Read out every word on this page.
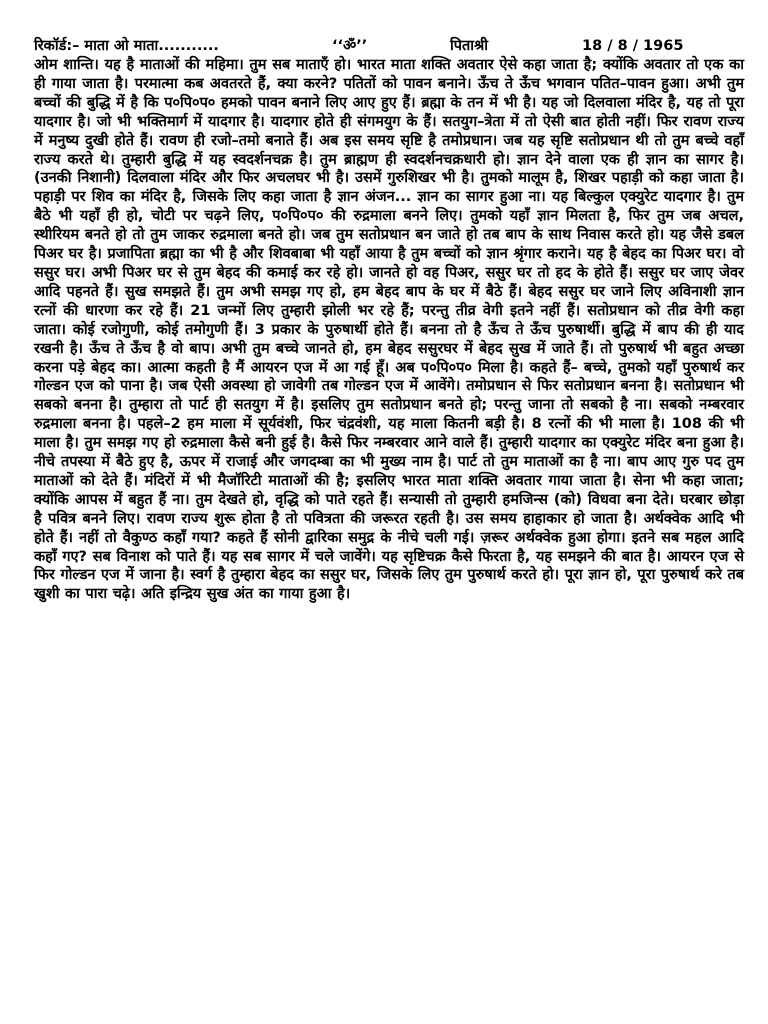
रिकॉर्ड:– माता ओ माता...........	‘‘ॐ’’	पिताश्री	18 / 8 / 1965

ओम शान्ति। यह है माताओं की महिमा। तुम सब माताएँ हो। भारत माता शक्ति अवतार ऐसे कहा जाता है; क्योंकि अवतार तो एक का ही गाया जाता है। परमात्मा कब अवतरते हैं, क्या करने? पतितों को पावन बनाने। ऊँच ते ऊँच भगवान पतित–पावन हुआ। अभी तुम बच्चों की बुद्धि में है कि प०पि०प० हमको पावन बनाने लिए आए हुए हैं। ब्रह्मा के तन में भी है। यह जो दिलवाला मंदिर है, यह तो पूरा यादगार है। जो भी भक्तिमार्ग में यादगार है। यादगार होते ही संगमयुग के हैं। सतयुग–त्रेता में तो ऐसी बात होती नहीं। फिर रावण राज्य में मनुष्य दुखी होते हैं। रावण ही रजो–तमो बनाते हैं। अब इस समय सृष्टि है तमोप्रधान। जब यह सृष्टि सतोप्रधान थी तो तुम बच्चे वहाँ राज्य करते थे। तुम्हारी बुद्धि में यह स्वदर्शनचक्र है। तुम ब्राह्मण ही स्वदर्शनचक्रधारी हो। ज्ञान देने वाला एक ही ज्ञान का सागर है। (उनकी निशानी) दिलवाला मंदिर और फिर अचलघर भी है। उसमें गुरुशिखर भी है। तुमको मालूम है, शिखर पहाड़ी को कहा जाता है। पहाड़ी पर शिव का मंदिर है, जिसके लिए कहा जाता है ज्ञान अंजन... ज्ञान का सागर हुआ ना। यह बिल्कुल एक्युरेट यादगार है। तुम बैठे भी यहाँ ही हो, चोटी पर चढ़ने लिए, प०पि०प० की रुद्रमाला बनने लिए। तुमको यहाँ ज्ञान मिलता है, फिर तुम जब अचल, स्थीरियम बनते हो तो तुम जाकर रुद्रमाला बनते हो। जब तुम सतोप्रधान बन जाते हो तब बाप के साथ निवास करते हो। यह जैसे डबल पिअर घर है। प्रजापिता ब्रह्मा का भी है और शिवबाबा भी यहाँ आया है तुम बच्चों को ज्ञान श्रृंगार कराने। यह है बेहद का पिअर घर। वो ससुर घर। अभी पिअर घर से तुम बेहद की कमाई कर रहे हो। जानते हो वह पिअर, ससुर घर तो हद के होते हैं। ससुर घर जाए जेवर आदि पहनते हैं। सुख समझते हैं। तुम अभी समझ गए हो, हम बेहद बाप के घर में बैठे हैं। बेहद ससुर घर जाने लिए अविनाशी ज्ञान रत्नों की धारणा कर रहे हैं। 21 जन्मों लिए तुम्हारी झोली भर रहे हैं; परन्तु तीव्र वेगी इतने नहीं हैं। सतोप्रधान को तीव्र वेगी कहा जाता। कोई रजोगुणी, कोई तमोगुणी हैं। 3 प्रकार के पुरुषार्थी होते हैं। बनना तो है ऊँच ते ऊँच पुरुषार्थी। बुद्धि में बाप की ही याद रखनी है। ऊँच ते ऊँच है वो बाप। अभी तुम बच्चे जानते हो, हम बेहद ससुरघर में बेहद सुख में जाते हैं। तो पुरुषार्थ भी बहुत अच्छा करना पड़े बेहद का। आत्मा कहती है मैं आयरन एज में आ गई हूँ। अब प०पि०प० मिला है। कहते हैं– बच्चे, तुमको यहाँ पुरुषार्थ कर गोल्डन एज को पाना है। जब ऐसी अवस्था हो जावेगी तब गोल्डन एज में आवेंगे। तमोप्रधान से फिर सतोप्रधान बनना है। सतोप्रधान भी सबको बनना है। तुम्हारा तो पार्ट ही सतयुग में है। इसलिए तुम सतोप्रधान बनते हो; परन्तु जाना तो सबको है ना। सबको नम्बरवार रुद्रमाला बनना है। पहले–2 हम माला में सूर्यवंशी, फिर चंद्रवंशी, यह माला कितनी बड़ी है। 8 रत्नों की भी माला है। 108 की भी माला है। तुम समझ गए हो रुद्रमाला कैसे बनी हुई है। कैसे फिर नम्बरवार आने वाले हैं। तुम्हारी यादगार का एक्युरेट मंदिर बना हुआ है। नीचे तपस्या में बैठे हुए है, ऊपर में राजाई और जगदम्बा का भी मुख्य नाम है। पार्ट तो तुम माताओं का है ना। बाप आए गुरु पद तुम माताओं को देते हैं। मंदिरों में भी मैजॉरिटी माताओं की है; इसलिए भारत माता शक्ति अवतार गाया जाता है। सेना भी कहा जाता; क्योंकि आपस में बहुत हैं ना। तुम देखते हो, वृद्धि को पाते रहते हैं। सन्यासी तो तुम्हारी हमजिन्स (को) विधवा बना देते। घरबार छोड़ा है पवित्र बनने लिए। रावण राज्य शुरू होता है तो पवित्रता की जरूरत रहती है। उस समय हाहाकार हो जाता है। अर्थक्वेक आदि भी होते हैं। नहीं तो वैकुण्ठ कहाँ गया? कहते हैं सोनी द्वारिका समुद्र के नीचे चली गई। ज़रूर अर्थक्वेक हुआ होगा। इतने सब महल आदि कहाँ गए? सब विनाश को पाते हैं। यह सब सागर में चले जावेंगे। यह सृष्टिचक्र कैसे फिरता है, यह समझने की बात है। आयरन एज से फिर गोल्डन एज में जाना है। स्वर्ग है तुम्हारा बेहद का ससुर घर, जिसके लिए तुम पुरुषार्थ करते हो। पूरा ज्ञान हो, पूरा पुरुषार्थ करे तब खुशी का पारा चढ़े। अति इन्द्रिय सुख अंत का गाया हुआ है।
